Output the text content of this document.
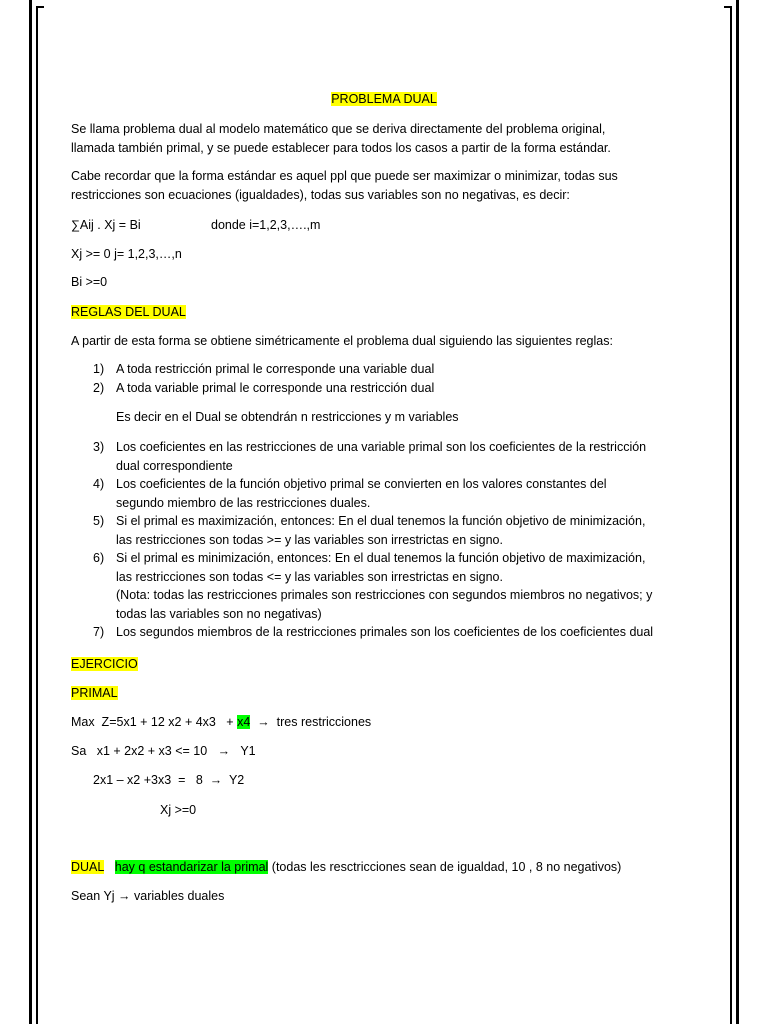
PROBLEMA DUAL
Se llama problema dual al modelo matemático que se deriva directamente del problema original,
llamada también primal, y se puede establecer para todos los casos a partir de la forma estándar.
Cabe recordar que la forma estándar es aquel ppl que puede ser maximizar o minimizar, todas sus
restricciones son ecuaciones (igualdades), todas sus variables son no negativas, es decir:
∑Aij . Xj = Bi	donde i=1,2,3,….,m
Xj >= 0 j= 1,2,3,…,n
Bi >=0
REGLAS DEL DUAL
A partir de esta forma se obtiene simétricamente el problema dual siguiendo las siguientes reglas:
1) A toda restricción primal le corresponde una variable dual
2) A toda variable primal le corresponde una restricción dual
Es decir en el Dual se obtendrán n restricciones y m variables
3) Los coeficientes en las restricciones de una variable primal son los coeficientes de la restricción
dual correspondiente
4) Los coeficientes de la función objetivo primal se convierten en los valores constantes del
segundo miembro de las restricciones duales.
5) Si el primal es maximización, entonces: En el dual tenemos la función objetivo de minimización,
las restricciones son todas >= y las variables son irrestrictas en signo.
6) Si el primal es minimización, entonces: En el dual tenemos la función objetivo de maximización,
las restricciones son todas <= y las variables son irrestrictas en signo.
(Nota: todas las restricciones primales son restricciones con segundos miembros no negativos; y
todas las variables son no negativas)
7) Los segundos miembros de la restricciones primales son los coeficientes de los coeficientes dual
EJERCICIO
PRIMAL
Max  Z=5x1 + 12 x2 + 4x3   + x4  →  tres restricciones
Sa   x1 + 2x2 + x3 <= 10   →   Y1
2x1 – x2 +3x3  =   8  →  Y2
Xj >=0
DUAL hay q estandarizar la primal (todas les resctricciones sean de igualdad, 10 , 8 no negativos)
Sean Yj → variables duales
